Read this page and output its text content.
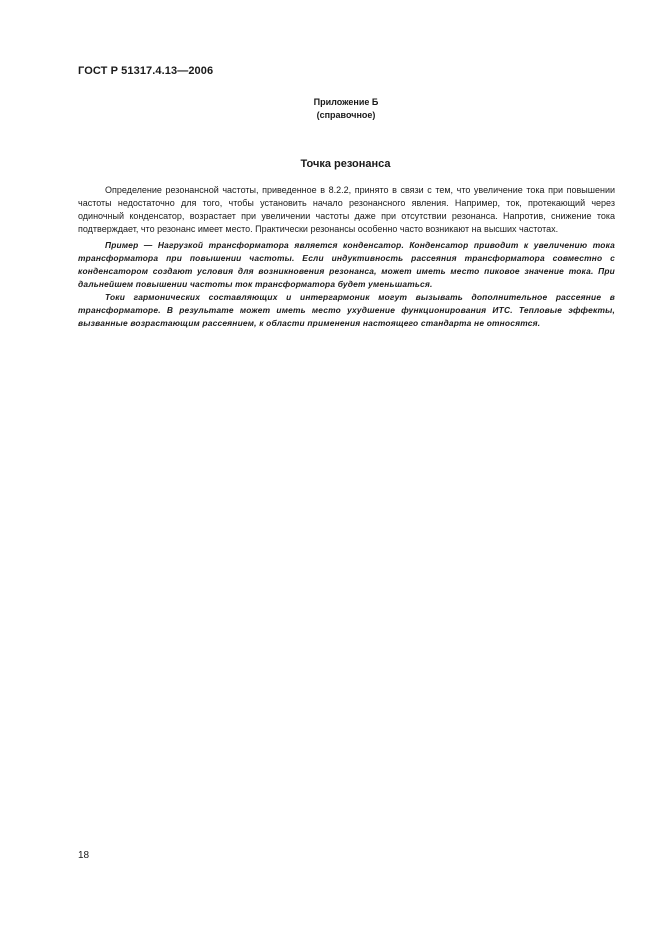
ГОСТ Р 51317.4.13—2006
Приложение Б
(справочное)
Точка резонанса

Определение резонансной частоты, приведенное в 8.2.2, принято в связи с тем, что увеличение тока при повышении частоты недостаточно для того, чтобы установить начало резонансного явления. Например, ток, протекающий через одиночный конденсатор, возрастает при увеличении частоты даже при отсутствии резонанса. Напротив, снижение тока подтверждает, что резонанс имеет место. Практически резонансы особенно часто возникают на высших частотах.

Пример — Нагрузкой трансформатора является конденсатор. Конденсатор приводит к увеличению тока трансформатора при повышении частоты. Если индуктивность рассеяния трансформатора совместно с конденсатором создают условия для возникновения резонанса, может иметь место пиковое значение тока. При дальнейшем повышении частоты ток трансформатора будет уменьшаться.

Токи гармонических составляющих и интергармоник могут вызывать дополнительное рассеяние в трансформаторе. В результате может иметь место ухудшение функционирования ИТС. Тепловые эффекты, вызванные возрастающим рассеянием, к области применения настоящего стандарта не относятся.

18
